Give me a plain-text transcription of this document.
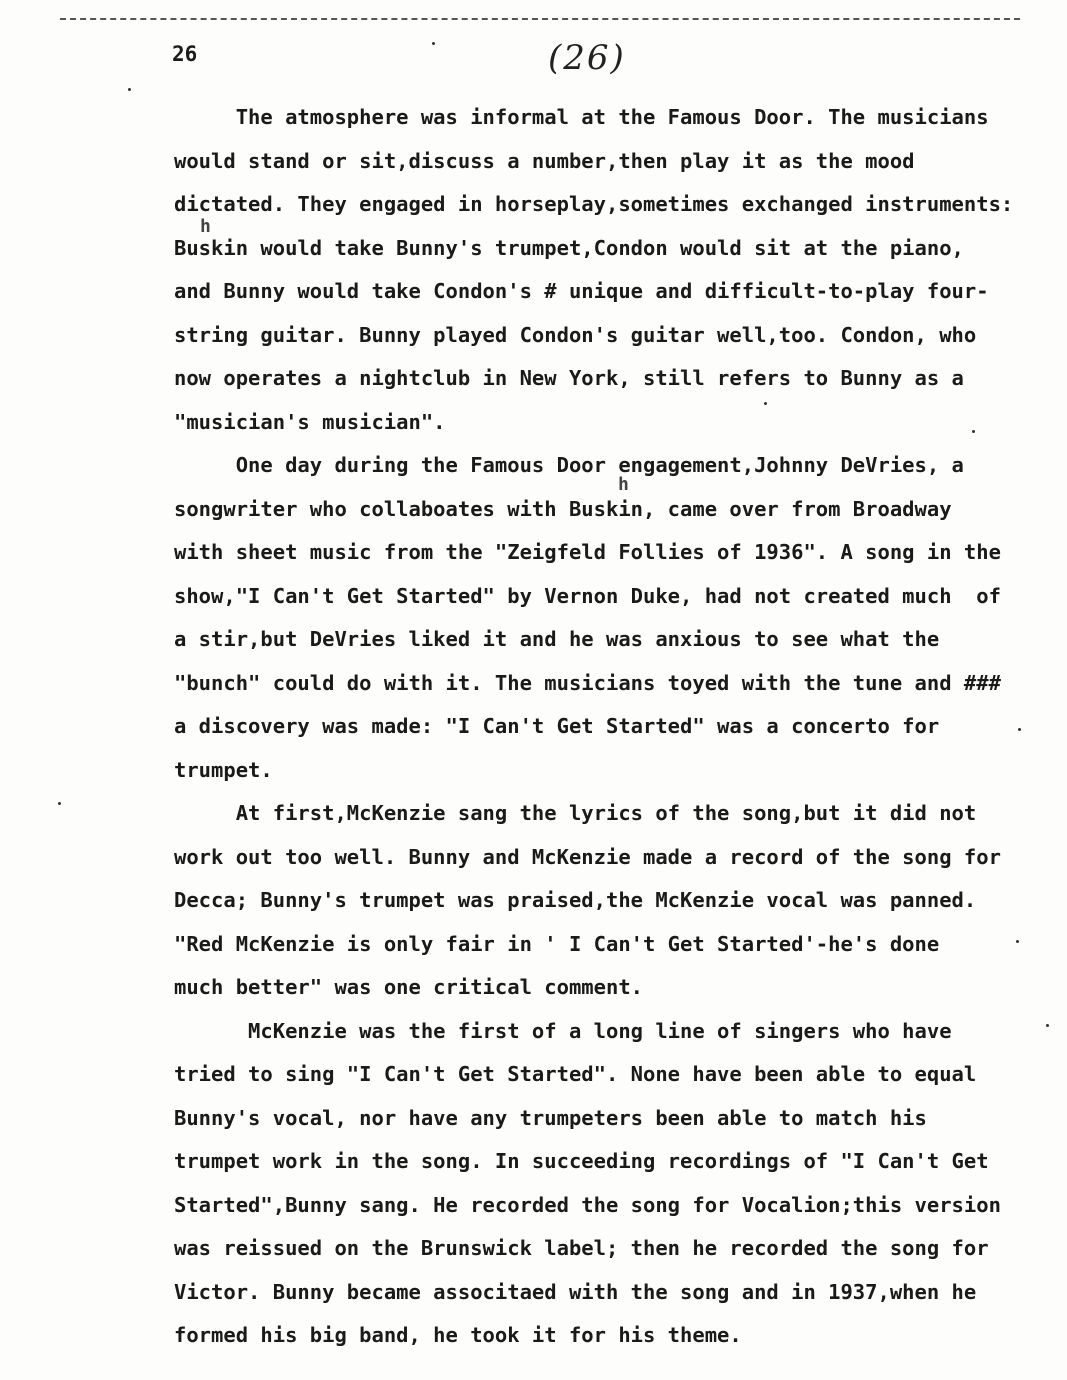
26	(26)
h
h
The atmosphere was informal at the Famous Door. The musicians
would stand or sit,discuss a number,then play it as the mood
dictated. They engaged in horseplay,sometimes exchanged instruments:
Buskin would take Bunny's trumpet,Condon would sit at the piano,
and Bunny would take Condon's # unique and difficult-to-play four-
string guitar. Bunny played Condon's guitar well,too. Condon, who
now operates a nightclub in New York, still refers to Bunny as a
"musician's musician".
One day during the Famous Door engagement,Johnny DeVries, a
songwriter who collaboates with Buskin, came over from Broadway
with sheet music from the "Zeigfeld Follies of 1936". A song in the
show,"I Can't Get Started" by Vernon Duke, had not created much  of
a stir,but DeVries liked it and he was anxious to see what the
"bunch" could do with it. The musicians toyed with the tune and ###
a discovery was made: "I Can't Get Started" was a concerto for
trumpet.
At first,McKenzie sang the lyrics of the song,but it did not
work out too well. Bunny and McKenzie made a record of the song for
Decca; Bunny's trumpet was praised,the McKenzie vocal was panned.
"Red McKenzie is only fair in ' I Can't Get Started'-he's done
much better" was one critical comment.
McKenzie was the first of a long line of singers who have
tried to sing "I Can't Get Started". None have been able to equal
Bunny's vocal, nor have any trumpeters been able to match his
trumpet work in the song. In succeeding recordings of "I Can't Get
Started",Bunny sang. He recorded the song for Vocalion;this version
was reissued on the Brunswick label; then he recorded the song for
Victor. Bunny became associtaed with the song and in 1937,when he
formed his big band, he took it for his theme.
